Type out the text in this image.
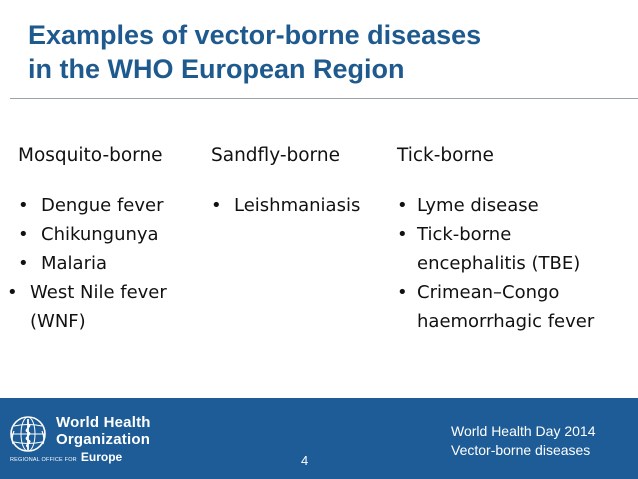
Examples of vector-borne diseases
in the WHO European Region
Mosquito-borne
• Dengue fever
• Chikungunya
• Malaria
• West Nile fever (WNF)
Sandfly-borne
• Leishmaniasis
Tick-borne
• Lyme disease
• Tick-borne encephalitis (TBE)
• Crimean–Congo haemorrhagic fever
World Health
Organization
REGIONAL OFFICE FOR Europe	4
World Health Day 2014
Vector-borne diseases
